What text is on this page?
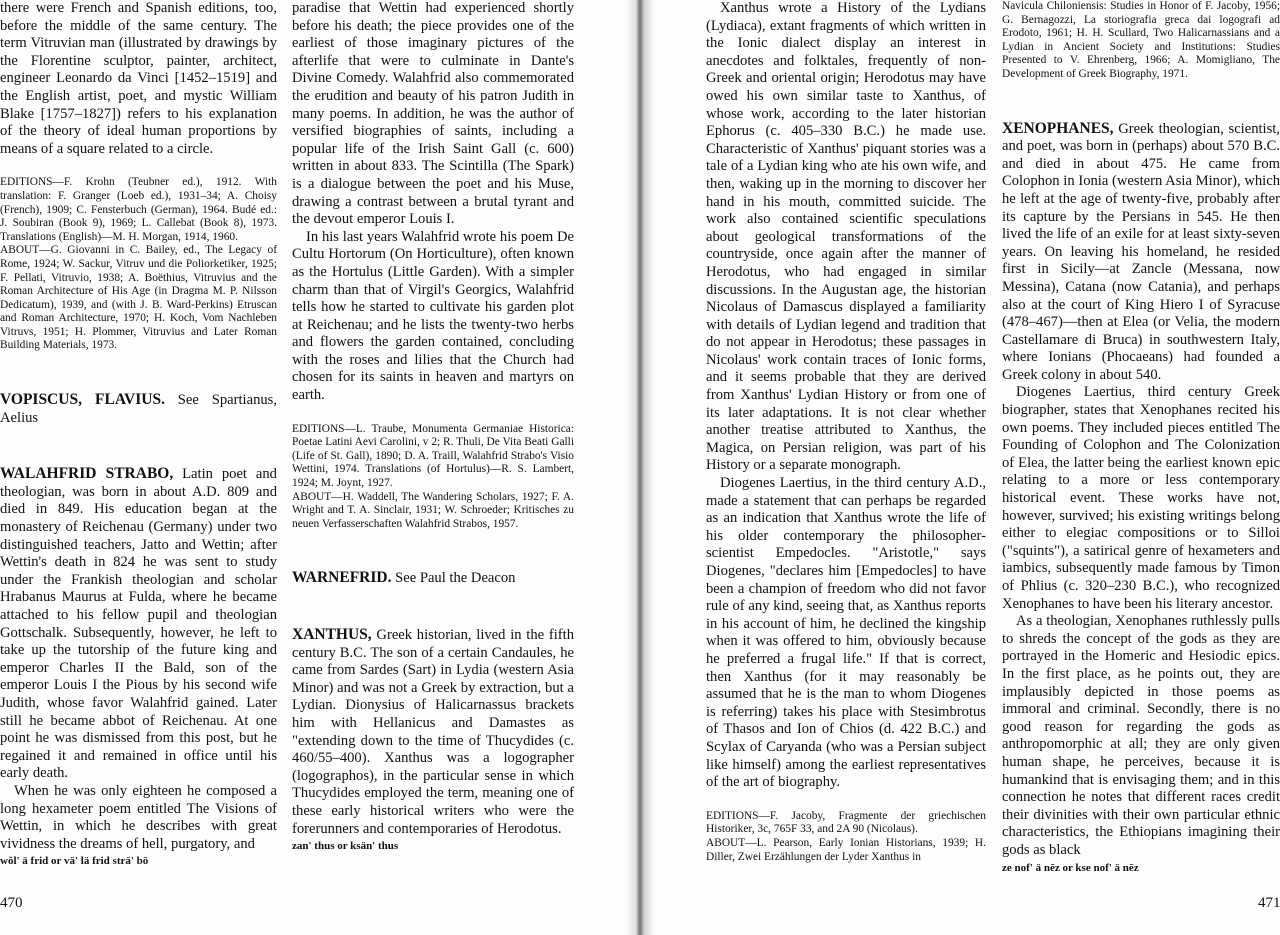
there were French and Spanish editions, too, before the middle of the same century. The term Vitruvian man (illustrated by drawings by the Florentine sculptor, painter, architect, engineer Leonardo da Vinci [1452–1519] and the English artist, poet, and mystic William Blake [1757–1827]) refers to his explanation of the theory of ideal human proportions by means of a square related to a circle.

EDITIONS—F. Krohn (Teubner ed.), 1912. With translation: F. Granger (Loeb ed.), 1931–34; A. Choisy (French), 1909; C. Fensterbuch (German), 1964. Budé ed.: J. Soubiran (Book 9), 1969; L. Callebat (Book 8), 1973. Translations (English)—M. H. Morgan, 1914, 1960.

ABOUT—G. Giovanni in C. Bailey, ed., The Legacy of Rome, 1924; W. Sackur, Vitruv und die Poliorketiker, 1925; F. Pellati, Vitruvio, 1938; A. Boëthius, Vitruvius and the Roman Architecture of His Age (in Dragma M. P. Nilsson Dedicatum), 1939, and (with J. B. Ward-Perkins) Etruscan and Roman Architecture, 1970; H. Koch, Vom Nachleben Vitruvs, 1951; H. Plommer, Vitruvius and Later Roman Building Materials, 1973.

VOPISCUS, FLAVIUS. See Spartianus, Aelius

WALAHFRID STRABO, Latin poet and theologian, was born in about A.D. 809 and died in 849. His education began at the monastery of Reichenau (Germany) under two distinguished teachers, Jatto and Wettin; after Wettin's death in 824 he was sent to study under the Frankish theologian and scholar Hrabanus Maurus at Fulda, where he became attached to his fellow pupil and theologian Gottschalk. Subsequently, however, he left to take up the tutorship of the future king and emperor Charles II the Bald, son of the emperor Louis I the Pious by his second wife Judith, whose favor Walahfrid gained. Later still he became abbot of Reichenau. At one point he was dismissed from this post, but he regained it and remained in office until his early death.

When he was only eighteen he composed a long hexameter poem entitled The Visions of Wettin, in which he describes with great vividness the dreams of hell, purgatory, and

wŏl' ä frid or vä' lä frid strä' bō

paradise that Wettin had experienced shortly before his death; the piece provides one of the earliest of those imaginary pictures of the afterlife that were to culminate in Dante's Divine Comedy. Walahfrid also commemorated the erudition and beauty of his patron Judith in many poems. In addition, he was the author of versified biographies of saints, including a popular life of the Irish Saint Gall (c. 600) written in about 833. The Scintilla (The Spark) is a dialogue between the poet and his Muse, drawing a contrast between a brutal tyrant and the devout emperor Louis I.

In his last years Walahfrid wrote his poem De Cultu Hortorum (On Horticulture), often known as the Hortulus (Little Garden). With a simpler charm than that of Virgil's Georgics, Walahfrid tells how he started to cultivate his garden plot at Reichenau; and he lists the twenty-two herbs and flowers the garden contained, concluding with the roses and lilies that the Church had chosen for its saints in heaven and martyrs on earth.

EDITIONS—L. Traube, Monumenta Germaniae Historica: Poetae Latini Aevi Carolini, v 2; R. Thuli, De Vita Beati Galli (Life of St. Gall), 1890; D. A. Traill, Walahfrid Strabo's Visio Wettini, 1974. Translations (of Hortulus)—R. S. Lambert, 1924; M. Joynt, 1927.

ABOUT—H. Waddell, The Wandering Scholars, 1927; F. A. Wright and T. A. Sinclair, 1931; W. Schroeder; Kritisches zu neuen Verfasserschaften Walahfrid Strabos, 1957.

WARNEFRID. See Paul the Deacon

XANTHUS, Greek historian, lived in the fifth century B.C. The son of a certain Candaules, he came from Sardes (Sart) in Lydia (western Asia Minor) and was not a Greek by extraction, but a Lydian. Dionysius of Halicarnassus brackets him with Hellanicus and Damastes as "extending down to the time of Thucydides (c. 460/55–400). Xanthus was a logographer (logographos), in the particular sense in which Thucydides employed the term, meaning one of these early historical writers who were the forerunners and contemporaries of Herodotus.

zan' thus or ksän' thus
470

Xanthus wrote a History of the Lydians (Lydiaca), extant fragments of which written in the Ionic dialect display an interest in anecdotes and folktales, frequently of non-Greek and oriental origin; Herodotus may have owed his own similar taste to Xanthus, of whose work, according to the later historian Ephorus (c. 405–330 B.C.) he made use. Characteristic of Xanthus' piquant stories was a tale of a Lydian king who ate his own wife, and then, waking up in the morning to discover her hand in his mouth, committed suicide. The work also contained scientific speculations about geological transformations of the countryside, once again after the manner of Herodotus, who had engaged in similar discussions. In the Augustan age, the historian Nicolaus of Damascus displayed a familiarity with details of Lydian legend and tradition that do not appear in Herodotus; these passages in Nicolaus' work contain traces of Ionic forms, and it seems probable that they are derived from Xanthus' Lydian History or from one of its later adaptations. It is not clear whether another treatise attributed to Xanthus, the Magica, on Persian religion, was part of his History or a separate monograph.

Diogenes Laertius, in the third century A.D., made a statement that can perhaps be regarded as an indication that Xanthus wrote the life of his older contemporary the philosopher-scientist Empedocles. "Aristotle," says Diogenes, "declares him [Empedocles] to have been a champion of freedom who did not favor rule of any kind, seeing that, as Xanthus reports in his account of him, he declined the kingship when it was offered to him, obviously because he preferred a frugal life." If that is correct, then Xanthus (for it may reasonably be assumed that he is the man to whom Diogenes is referring) takes his place with Stesimbrotus of Thasos and Ion of Chios (d. 422 B.C.) and Scylax of Caryanda (who was a Persian subject like himself) among the earliest representatives of the art of biography.

EDITIONS—F. Jacoby, Fragmente der griechischen Historiker, 3c, 765F 33, and 2A 90 (Nicolaus).

ABOUT—L. Pearson, Early Ionian Historians, 1939; H. Diller, Zwei Erzählungen der Lyder Xanthus in

Navicula Chiloniensis: Studies in Honor of F. Jacoby, 1956; G. Bernagozzi, La storiografia greca dai logografi ad Erodoto, 1961; H. H. Scullard, Two Halicarnassians and a Lydian in Ancient Society and Institutions: Studies Presented to V. Ehrenberg, 1966; A. Momigliano, The Development of Greek Biography, 1971.

XENOPHANES, Greek theologian, scientist, and poet, was born in (perhaps) about 570 B.C. and died in about 475. He came from Colophon in Ionia (western Asia Minor), which he left at the age of twenty-five, probably after its capture by the Persians in 545. He then lived the life of an exile for at least sixty-seven years. On leaving his homeland, he resided first in Sicily—at Zancle (Messana, now Messina), Catana (now Catania), and perhaps also at the court of King Hiero I of Syracuse (478–467)—then at Elea (or Velia, the modern Castellamare di Bruca) in southwestern Italy, where Ionians (Phocaeans) had founded a Greek colony in about 540.

Diogenes Laertius, third century Greek biographer, states that Xenophanes recited his own poems. They included pieces entitled The Founding of Colophon and The Colonization of Elea, the latter being the earliest known epic relating to a more or less contemporary historical event. These works have not, however, survived; his existing writings belong either to elegiac compositions or to Silloi ("squints"), a satirical genre of hexameters and iambics, subsequently made famous by Timon of Phlius (c. 320–230 B.C.), who recognized Xenophanes to have been his literary ancestor.

As a theologian, Xenophanes ruthlessly pulls to shreds the concept of the gods as they are portrayed in the Homeric and Hesiodic epics. In the first place, as he points out, they are implausibly depicted in those poems as immoral and criminal. Secondly, there is no good reason for regarding the gods as anthropomorphic at all; they are only given human shape, he perceives, because it is humankind that is envisaging them; and in this connection he notes that different races credit their divinities with their own particular ethnic characteristics, the Ethiopians imagining their gods as black

ze nof' ä nēz or kse nof' ä nēz
471
